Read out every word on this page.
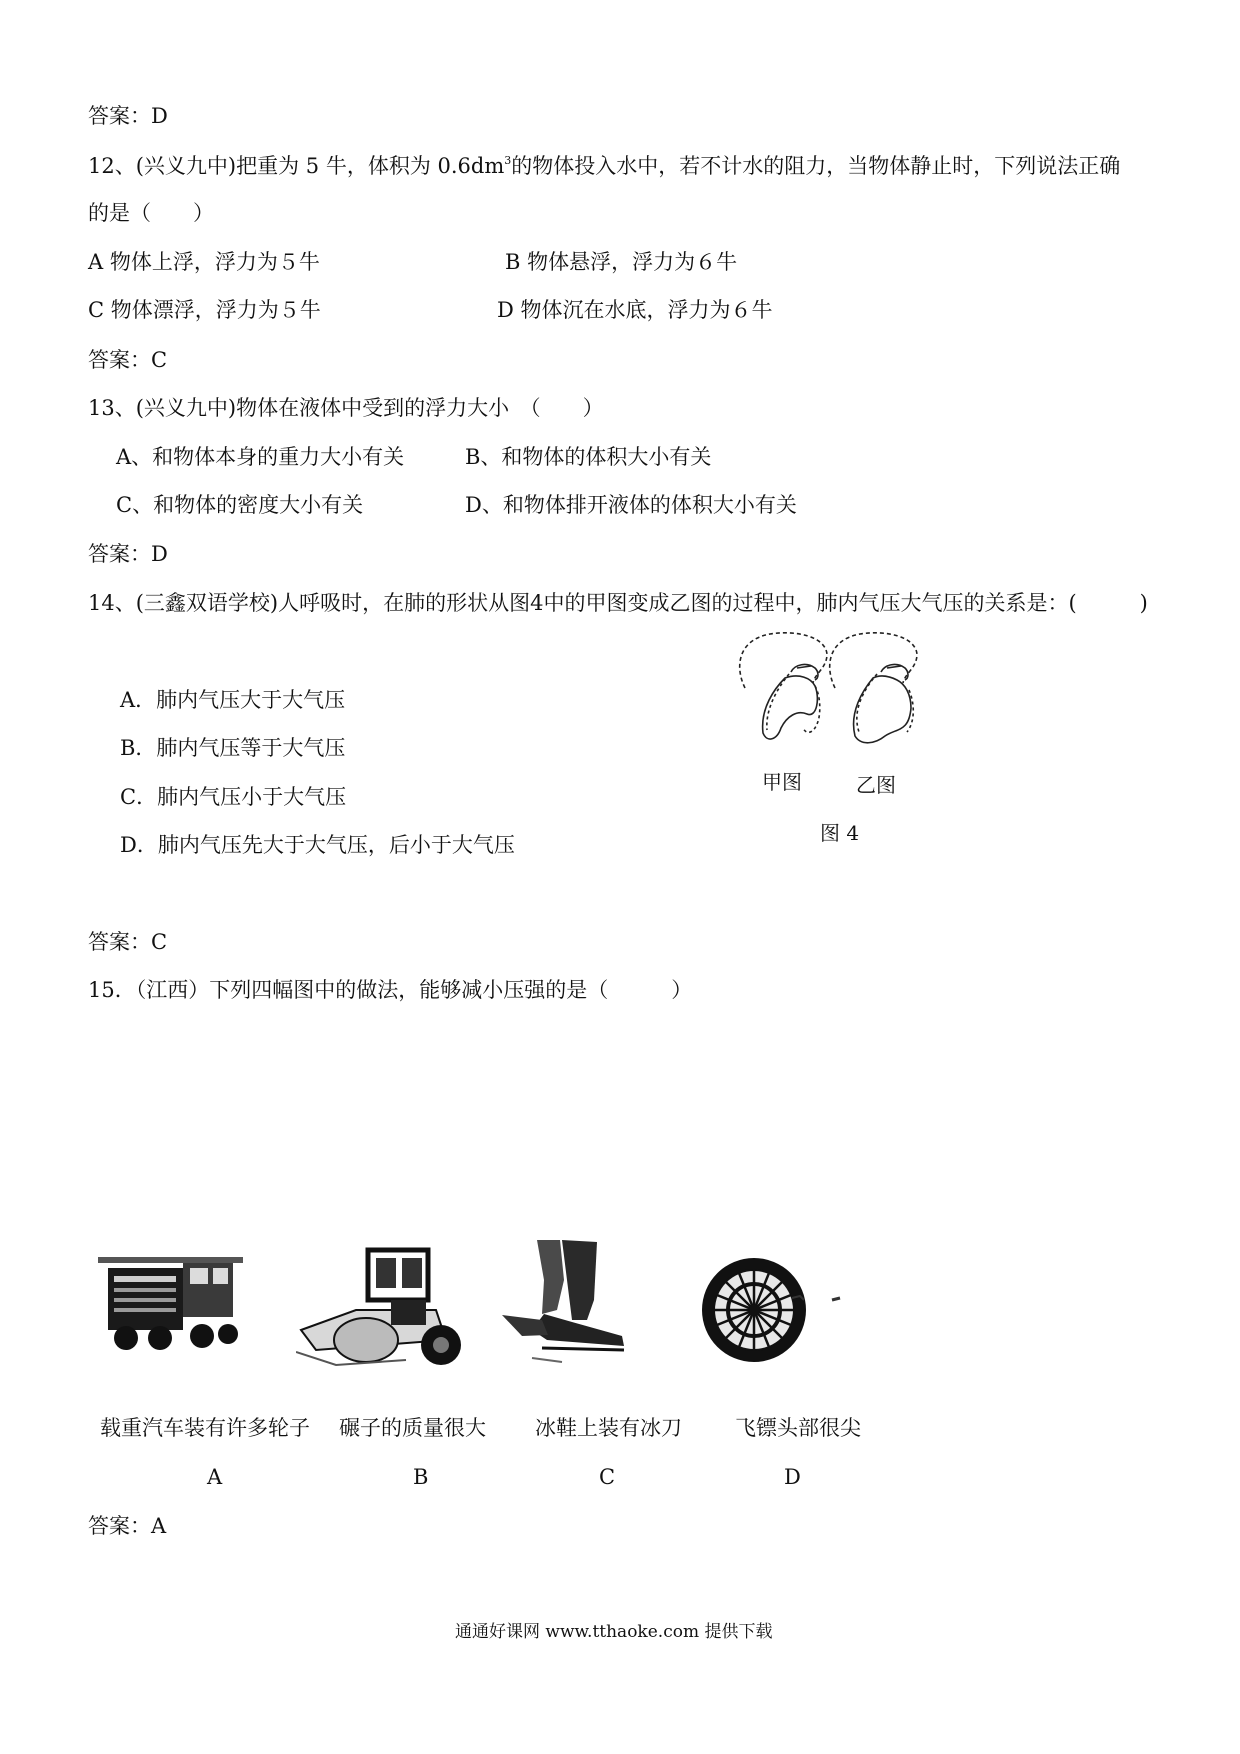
答案：D
12、(兴义九中)把重为 5 牛，体积为 $0.6dm^3$的物体投入水中，若不计水的阻力，当物体静止时，下列说法正确
的是（　　）
A 物体上浮，浮力为５牛	B 物体悬浮，浮力为６牛
C 物体漂浮，浮力为５牛	D 物体沉在水底，浮力为６牛
答案：C
13、(兴义九中)物体在液体中受到的浮力大小　（　　）
A、和物体本身的重力大小有关	B、和物体的体积大小有关
C、和物体的密度大小有关	D、和物体排开液体的体积大小有关
答案：D
14、(三鑫双语学校)人呼吸时，在肺的形状从图4中的甲图变成乙图的过程中，肺内气压大气压的关系是：(　　　)
A．肺内气压大于大气压
B．肺内气压等于大气压
C．肺内气压小于大气压
D．肺内气压先大于大气压，后小于大气压
甲图	乙图
图 4
答案：C
15．（江西）下列四幅图中的做法，能够减小压强的是（　　　）
载重汽车装有许多轮子 碾子的质量很大 冰鞋上装有冰刀	飞镖头部很尖
A	B	C	D
答案：A
通通好课网 www.tthaoke.com 提供下载
